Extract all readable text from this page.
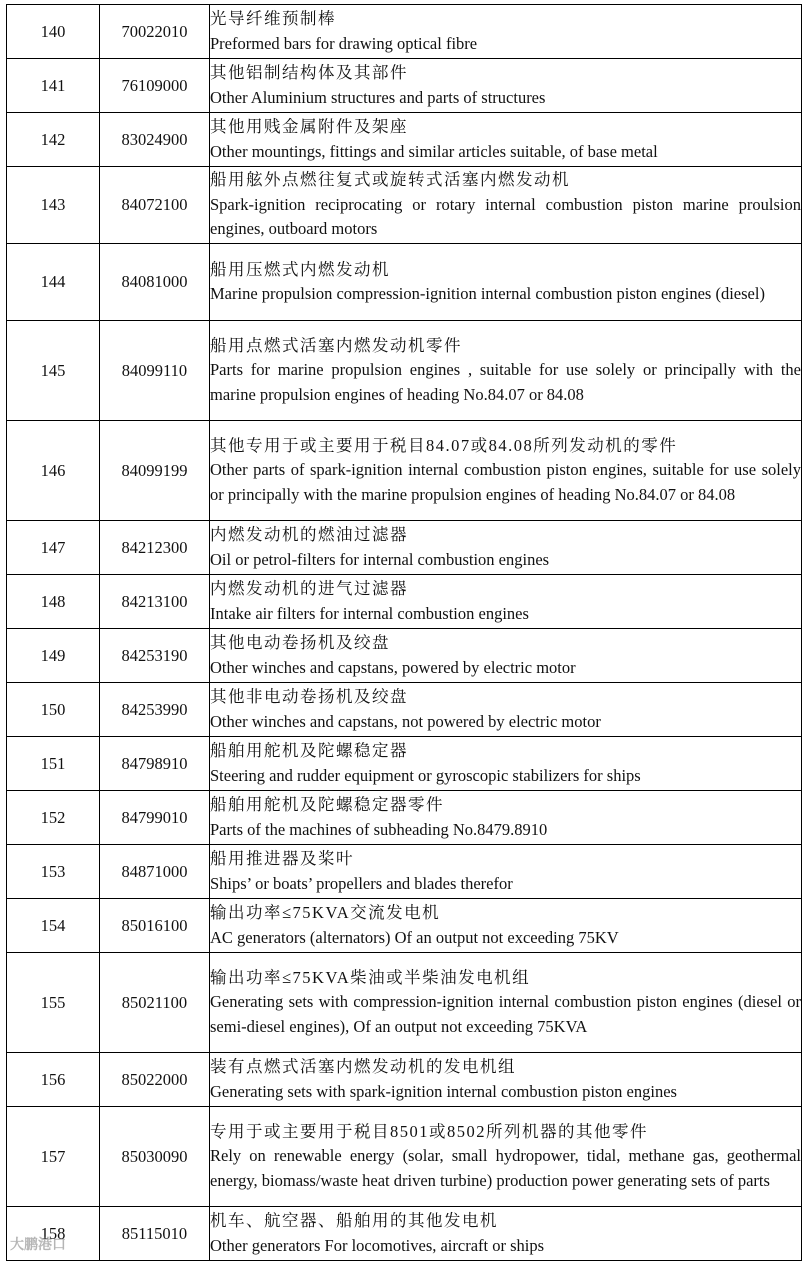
140	70022010	光导纤维预制棒
Preformed bars for drawing optical fibre

141	76109000	其他铝制结构体及其部件
Other Aluminium structures and parts of structures

142	83024900	其他用贱金属附件及架座
Other mountings, fittings and similar articles suitable, of base metal

143	84072100	船用舷外点燃往复式或旋转式活塞内燃发动机
Spark-ignition reciprocating or rotary internal combustion piston marine proulsion engines, outboard motors

144	84081000	船用压燃式内燃发动机
Marine propulsion compression-ignition internal combustion piston engines (diesel)

145	84099110	船用点燃式活塞内燃发动机零件
Parts for marine propulsion engines , suitable for use solely or principally with the marine propulsion engines of heading No.84.07 or 84.08

146	84099199	其他专用于或主要用于税目84.07或84.08所列发动机的零件
Other parts of spark-ignition internal combustion piston engines, suitable for use solely or principally with the marine propulsion engines of heading No.84.07 or 84.08

147	84212300	内燃发动机的燃油过滤器
Oil or petrol-filters for internal combustion engines

148	84213100	内燃发动机的进气过滤器
Intake air filters for internal combustion engines

149	84253190	其他电动卷扬机及绞盘
Other winches and capstans, powered by electric motor

150	84253990	其他非电动卷扬机及绞盘
Other winches and capstans, not powered by electric motor

151	84798910	船舶用舵机及陀螺稳定器
Steering and rudder equipment or gyroscopic stabilizers for ships

152	84799010	船舶用舵机及陀螺稳定器零件
Parts of the machines of subheading No.8479.8910

153	84871000	船用推进器及桨叶
Ships’ or boats’ propellers and blades therefor

154	85016100	输出功率≤75KVA交流发电机
AC generators (alternators) Of an output not exceeding 75KV

155	85021100	输出功率≤75KVA柴油或半柴油发电机组
Generating sets with compression-ignition internal combustion piston engines (diesel or semi-diesel engines), Of an output not exceeding 75KVA

156	85022000	装有点燃式活塞内燃发动机的发电机组
Generating sets with spark-ignition internal combustion piston engines

157	85030090	专用于或主要用于税目8501或8502所列机器的其他零件
Rely on renewable energy (solar, small hydropower, tidal, methane gas, geothermal energy, biomass/waste heat driven turbine) production power generating sets of parts

158	85115010	机车、航空器、船舶用的其他发电机
Other generators For locomotives, aircraft or ships
大鹏港口
